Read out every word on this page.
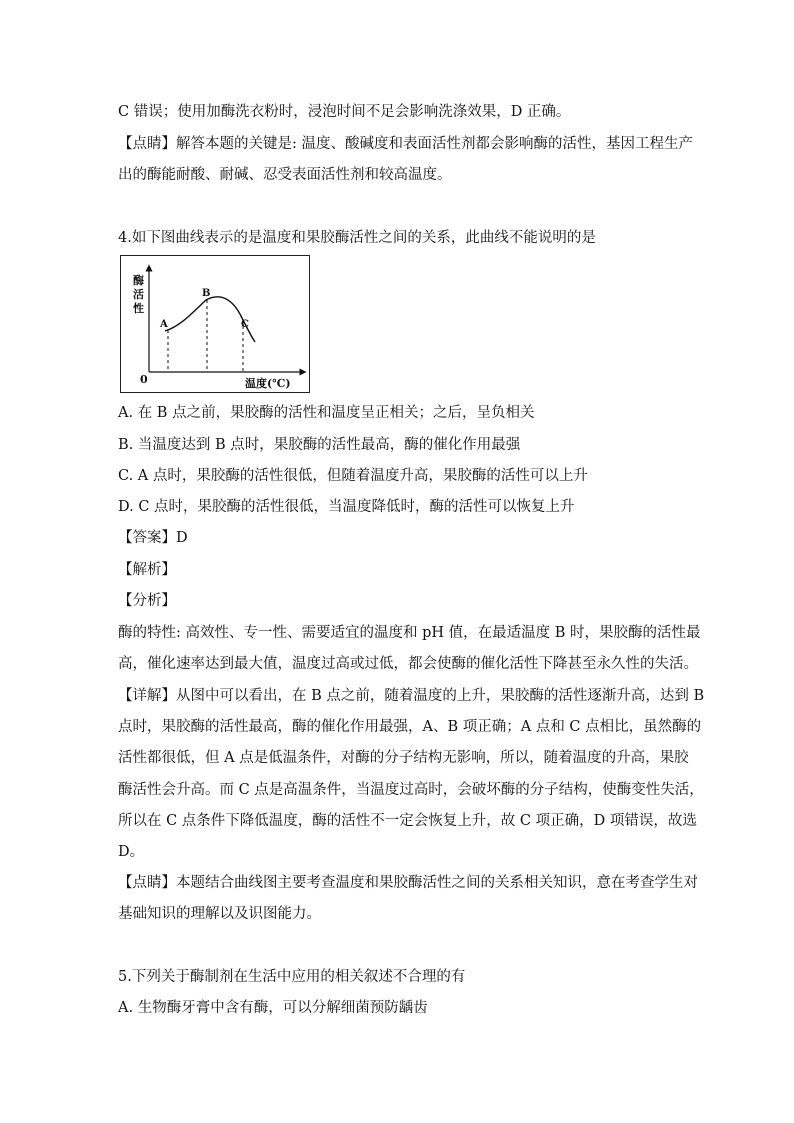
C 错误；使用加酶洗衣粉时，浸泡时间不足会影响洗涤效果，D 正确。
【点睛】解答本题的关键是: 温度、酸碱度和表面活性剂都会影响酶的活性，基因工程生产
出的酶能耐酸、耐碱、忍受表面活性剂和较高温度。
4.如下图曲线表示的是温度和果胶酶活性之间的关系，此曲线不能说明的是
酶
活
性
温度(℃)
0
A
B
C
A. 在 B 点之前，果胶酶的活性和温度呈正相关；之后，呈负相关
B. 当温度达到 B 点时，果胶酶的活性最高，酶的催化作用最强
C. A 点时，果胶酶的活性很低，但随着温度升高，果胶酶的活性可以上升
D. C 点时，果胶酶的活性很低，当温度降低时，酶的活性可以恢复上升
【答案】D
【解析】
【分析】
酶的特性: 高效性、专一性、需要适宜的温度和 pH 值，在最适温度 B 时，果胶酶的活性最
高，催化速率达到最大值，温度过高或过低，都会使酶的催化活性下降甚至永久性的失活。
【详解】从图中可以看出，在 B 点之前，随着温度的上升，果胶酶的活性逐渐升高，达到 B
点时，果胶酶的活性最高，酶的催化作用最强，A、B 项正确；A 点和 C 点相比，虽然酶的
活性都很低，但 A 点是低温条件，对酶的分子结构无影响，所以，随着温度的升高，果胶
酶活性会升高。而 C 点是高温条件，当温度过高时，会破坏酶的分子结构，使酶变性失活，
所以在 C 点条件下降低温度，酶的活性不一定会恢复上升，故 C 项正确，D 项错误，故选
D。
【点睛】本题结合曲线图主要考查温度和果胶酶活性之间的关系相关知识，意在考查学生对
基础知识的理解以及识图能力。
5.下列关于酶制剂在生活中应用的相关叙述不合理的有
A. 生物酶牙膏中含有酶，可以分解细菌预防龋齿
